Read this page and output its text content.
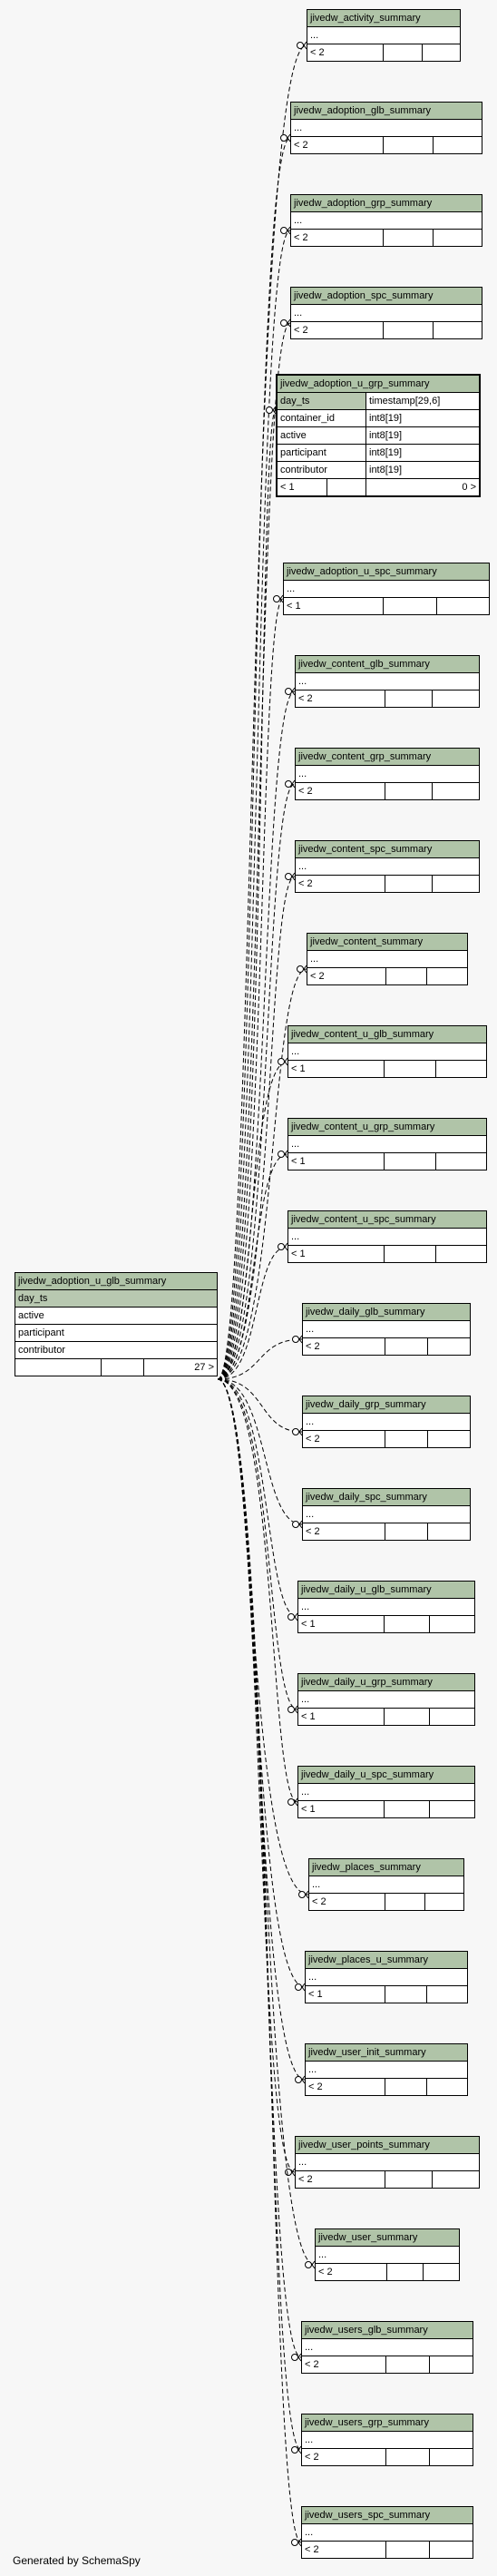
jivedw_adoption_u_glb_summary
day_ts
active
participant
contributor
		27 >
jivedw_adoption_u_grp_summary		
day_ts		timestamp[29,6]
container_id		int8[19]
active		int8[19]
participant		int8[19]
contributor		int8[19]
< 1		0 >
jivedw_activity_summary
...
< 2		
jivedw_adoption_glb_summary
...
< 2		
jivedw_adoption_grp_summary
...
< 2		
jivedw_adoption_spc_summary
...
< 2		
jivedw_adoption_u_spc_summary
...
< 1		
jivedw_content_glb_summary
...
< 2		
jivedw_content_grp_summary
...
< 2		
jivedw_content_spc_summary
...
< 2		
jivedw_content_summary
...
< 2		
jivedw_content_u_glb_summary
...
< 1		
jivedw_content_u_grp_summary
...
< 1		
jivedw_content_u_spc_summary
...
< 1		
jivedw_daily_glb_summary
...
< 2		
jivedw_daily_grp_summary
...
< 2		
jivedw_daily_spc_summary
...
< 2		
jivedw_daily_u_glb_summary
...
< 1		
jivedw_daily_u_grp_summary
...
< 1		
jivedw_daily_u_spc_summary
...
< 1		
jivedw_places_summary
...
< 2		
jivedw_places_u_summary
...
< 1		
jivedw_user_init_summary
...
< 2		
jivedw_user_points_summary
...
< 2		
jivedw_user_summary
...
< 2		
jivedw_users_glb_summary
...
< 2		
jivedw_users_grp_summary
...
< 2		
jivedw_users_spc_summary
...
< 2		
Generated by SchemaSpy
